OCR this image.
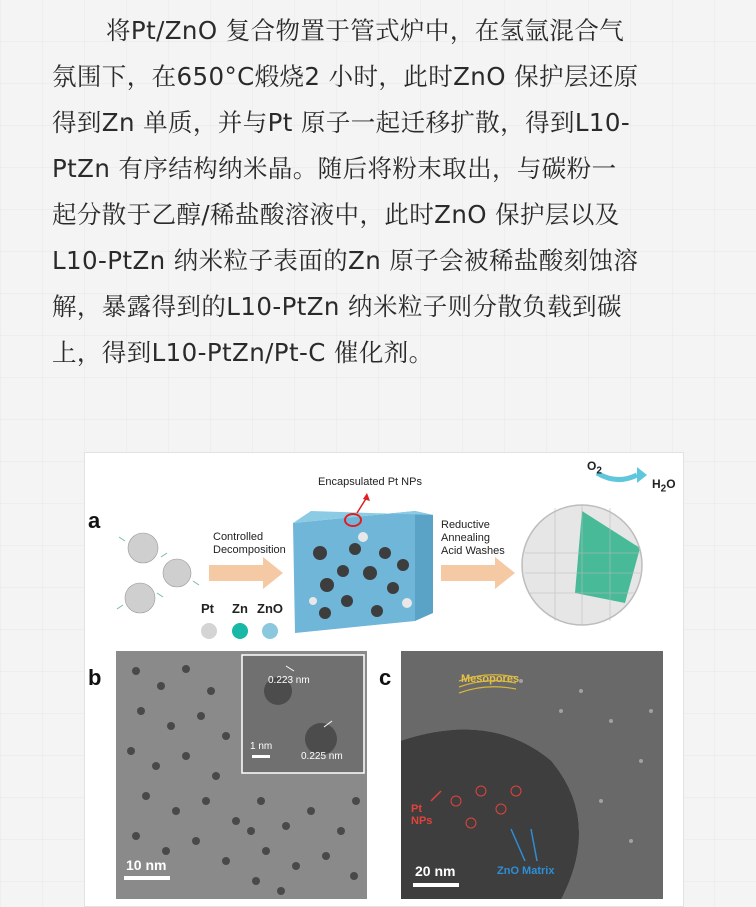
将Pt/ZnO 复合物置于管式炉中，在氢氩混合气
氛围下，在650°C煅烧2 小时，此时ZnO 保护层还原
得到Zn 单质，并与Pt 原子一起迁移扩散，得到L10-
PtZn 有序结构纳米晶。随后将粉末取出，与碳粉一
起分散于乙醇/稀盐酸溶液中，此时ZnO 保护层以及
L10-PtZn 纳米粒子表面的Zn 原子会被稀盐酸刻蚀溶
解，暴露得到的L10-PtZn 纳米粒子则分散负载到碳
上，得到L10-PtZn/Pt-C 催化剂。
a
Encapsulated Pt NPs
Controlled
Decomposition
Reductive
Annealing
Acid Washes
$O_2$
$H_2O$
Pt Zn ZnO
b	0.223 nm
0.225 nm
1 nm
10 nm
c	Mesopores
Pt
NPs
ZnO Matrix
20 nm
